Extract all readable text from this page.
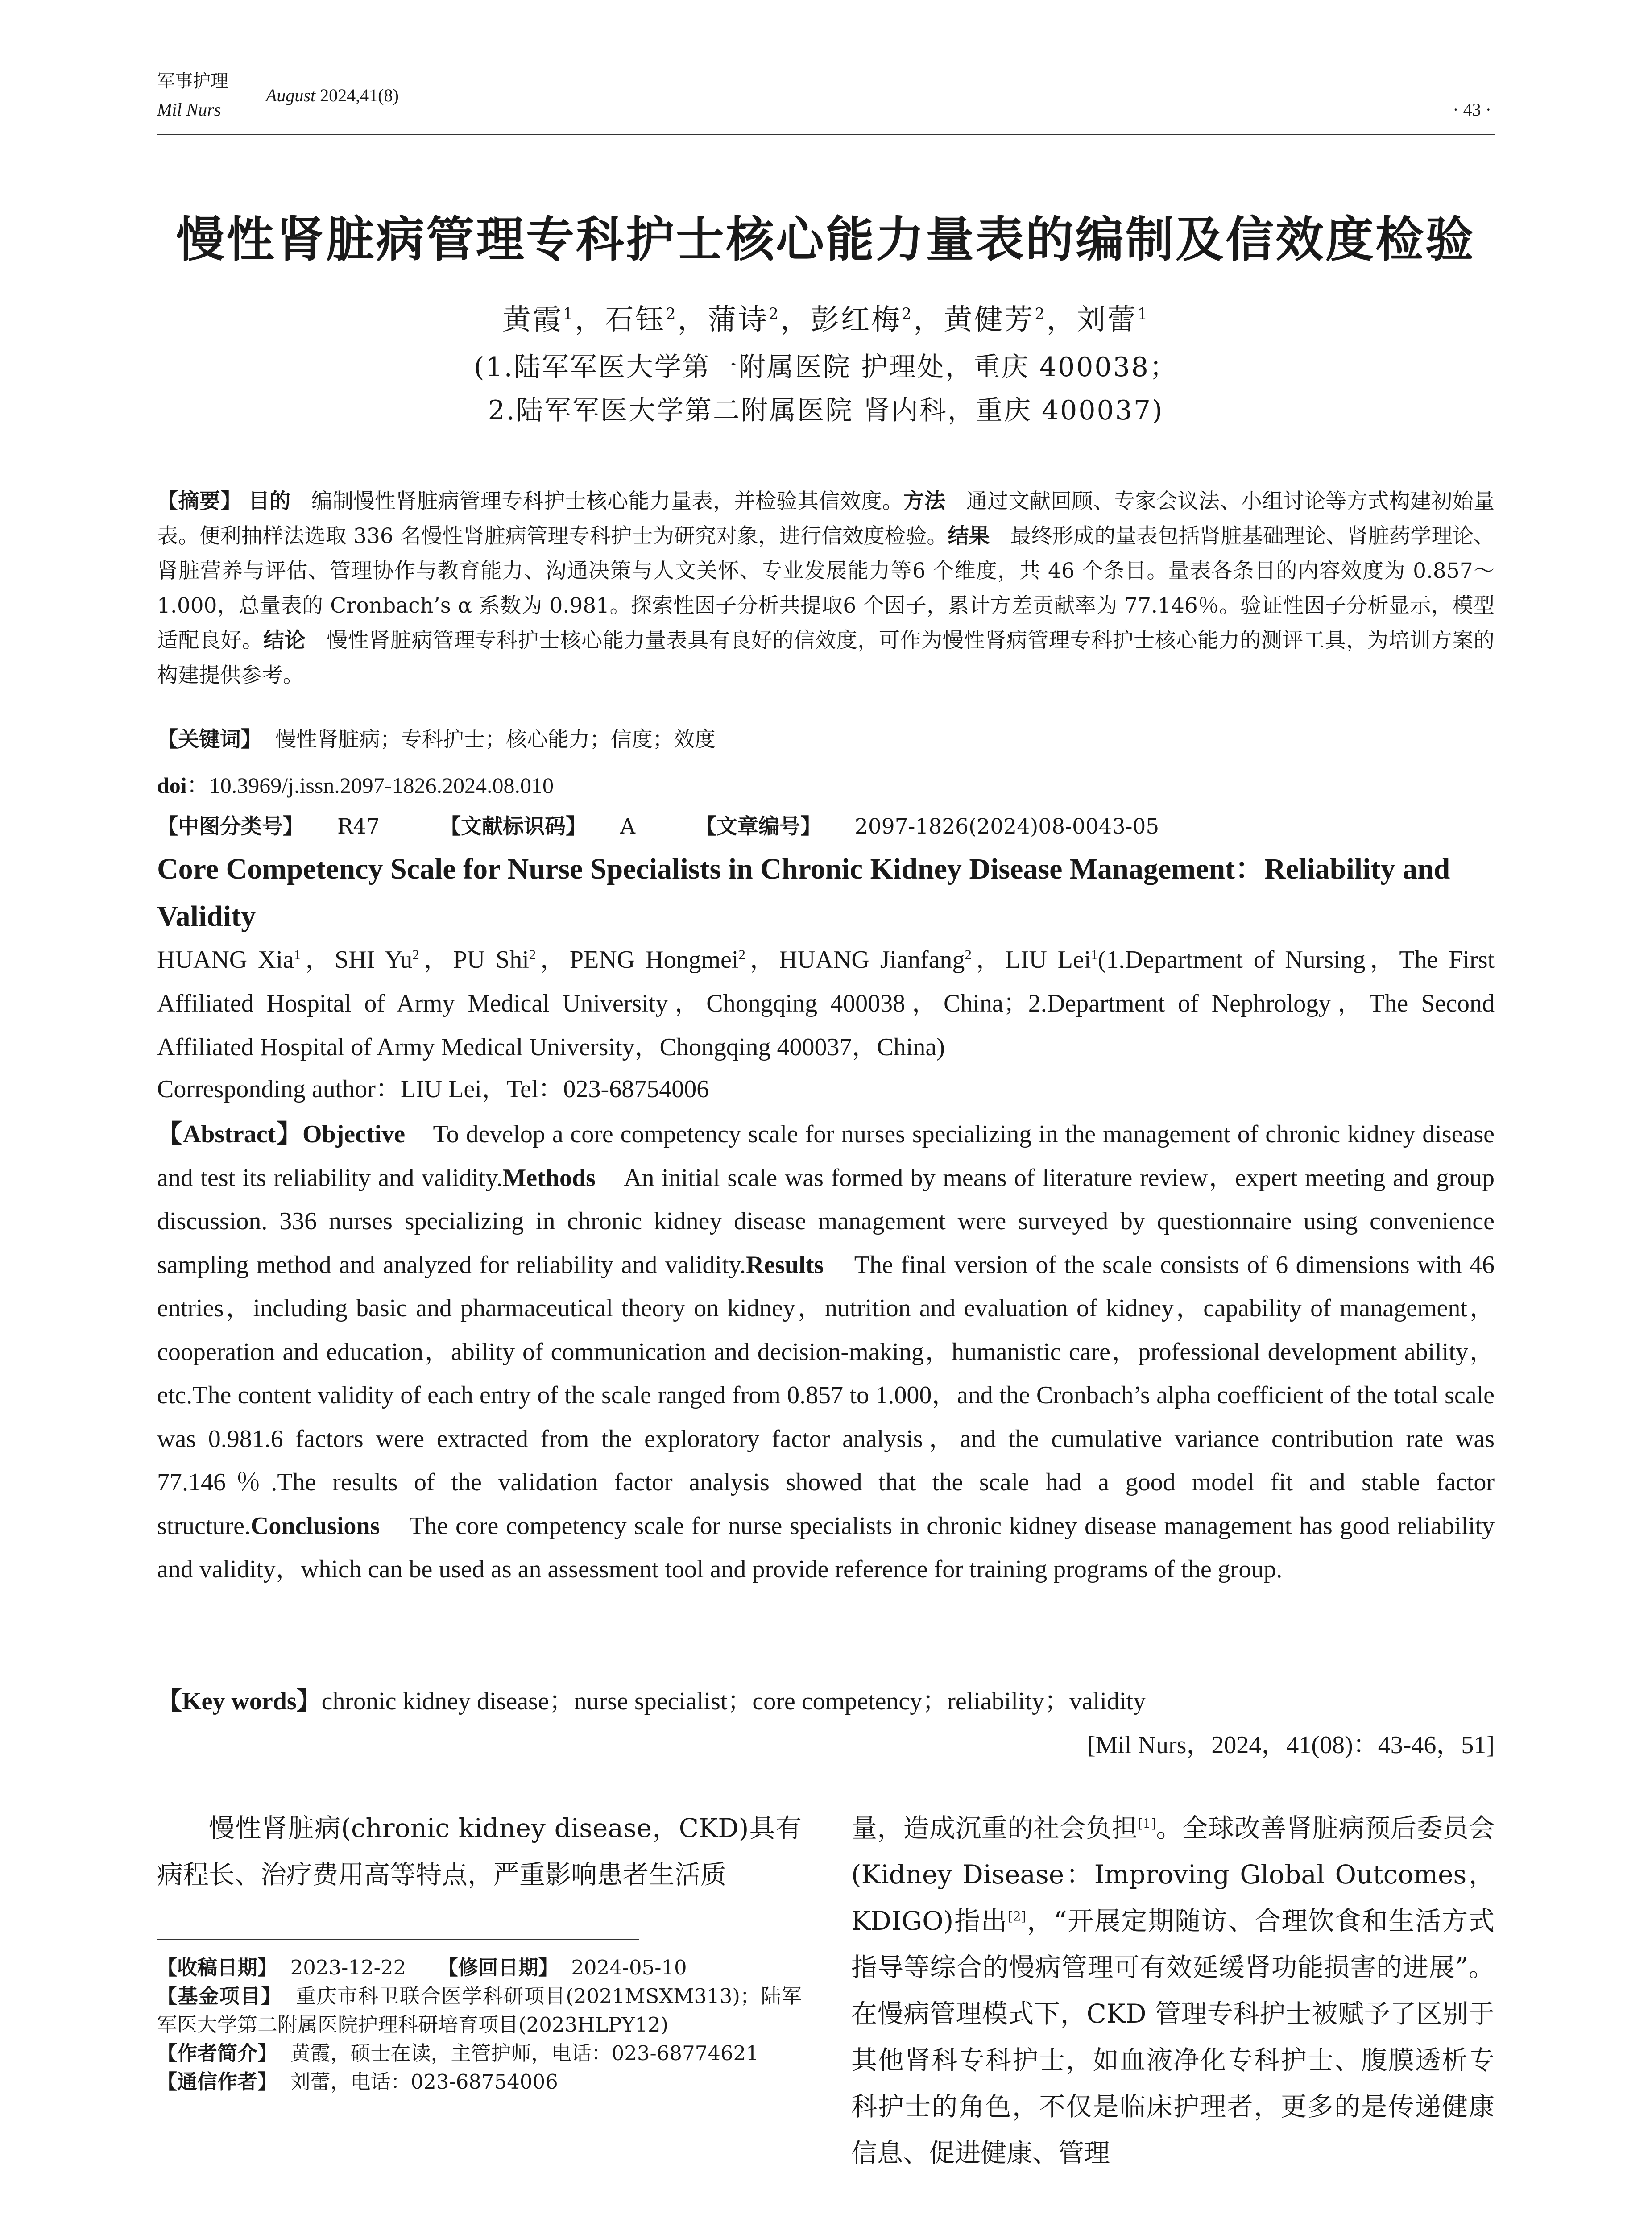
军事护理
Mil Nurs
August 2024,41(8)
· 43 ·
慢性肾脏病管理专科护士核心能力量表的编制及信效度检验
黄霞$^1$，石钰$^2$，蒲诗$^2$，彭红梅$^2$，黄健芳$^2$，刘蕾$^1$
(1.陆军军医大学第一附属医院 护理处，重庆 400038；
2.陆军军医大学第二附属医院 肾内科，重庆 400037)
【摘要】 目的 编制慢性肾脏病管理专科护士核心能力量表，并检验其信效度。方法 通过文献回顾、专家会议法、小组讨论等方式构建初始量表。便利抽样法选取 336 名慢性肾脏病管理专科护士为研究对象，进行信效度检验。结果 最终形成的量表包括肾脏基础理论、肾脏药学理论、肾脏营养与评估、管理协作与教育能力、沟通决策与人文关怀、专业发展能力等6 个维度，共 46 个条目。量表各条目的内容效度为 0.857～1.000，总量表的 Cronbach’s α 系数为 0.981。探索性因子分析共提取6 个因子，累计方差贡献率为 77.146％。验证性因子分析显示，模型适配良好。结论 慢性肾脏病管理专科护士核心能力量表具有良好的信效度，可作为慢性肾病管理专科护士核心能力的测评工具，为培训方案的构建提供参考。
【关键词】 慢性肾脏病；专科护士；核心能力；信度；效度
doi：10.3969/j.issn.2097-1826.2024.08.010
【中图分类号】 R47	【文献标识码】 A	【文章编号】 2097-1826(2024)08-0043-05
Core Competency Scale for Nurse Specialists in Chronic Kidney Disease Management：Reliability and Validity
HUANG Xia$^1$，SHI Yu$^2$，PU Shi$^2$，PENG Hongmei$^2$，HUANG Jianfang$^2$，LIU Lei$^1$(1.Department of Nursing，The First Affiliated Hospital of Army Medical University，Chongqing 400038，China；2.Department of Nephrology，The Second Affiliated Hospital of Army Medical University，Chongqing 400037，China)
Corresponding author：LIU Lei，Tel：023-68754006
【Abstract】Objective To develop a core competency scale for nurses specializing in the management of chronic kidney disease and test its reliability and validity.Methods An initial scale was formed by means of literature review，expert meeting and group discussion. 336 nurses specializing in chronic kidney disease management were surveyed by questionnaire using convenience sampling method and analyzed for reliability and validity.Results The final version of the scale consists of 6 dimensions with 46 entries，including basic and pharmaceutical theory on kidney，nutrition and evaluation of kidney，capability of management，cooperation and education，ability of communication and decision-making，humanistic care，professional development ability，etc.The content validity of each entry of the scale ranged from 0.857 to 1.000，and the Cronbach’s alpha coefficient of the total scale was 0.981.6 factors were extracted from the exploratory factor analysis，and the cumulative variance contribution rate was 77.146％.The results of the validation factor analysis showed that the scale had a good model fit and stable factor structure.Conclusions The core competency scale for nurse specialists in chronic kidney disease management has good reliability and validity，which can be used as an assessment tool and provide reference for training programs of the group.
【Key words】chronic kidney disease；nurse specialist；core competency；reliability；validity
[Mil Nurs，2024，41(08)：43-46，51]
慢性肾脏病(chronic kidney disease，CKD)具有病程长、治疗费用高等特点，严重影响患者生活质

【收稿日期】 2023-12-22 【修回日期】 2024-05-10

【基金项目】 重庆市科卫联合医学科研项目(2021MSXM313)；陆军军医大学第二附属医院护理科研培育项目(2023HLPY12)

【作者简介】 黄霞，硕士在读，主管护师，电话：023-68774621

【通信作者】 刘蕾，电话：023-68754006

量，造成沉重的社会负担[1]。全球改善肾脏病预后委员会(Kidney Disease：Improving Global Outcomes，KDIGO)指出[2]，“开展定期随访、合理饮食和生活方式指导等综合的慢病管理可有效延缓肾功能损害的进展”。在慢病管理模式下，CKD 管理专科护士被赋予了区别于其他肾科专科护士，如血液净化专科护士、腹膜透析专科护士的角色，不仅是临床护理者，更多的是传递健康信息、促进健康、管理
